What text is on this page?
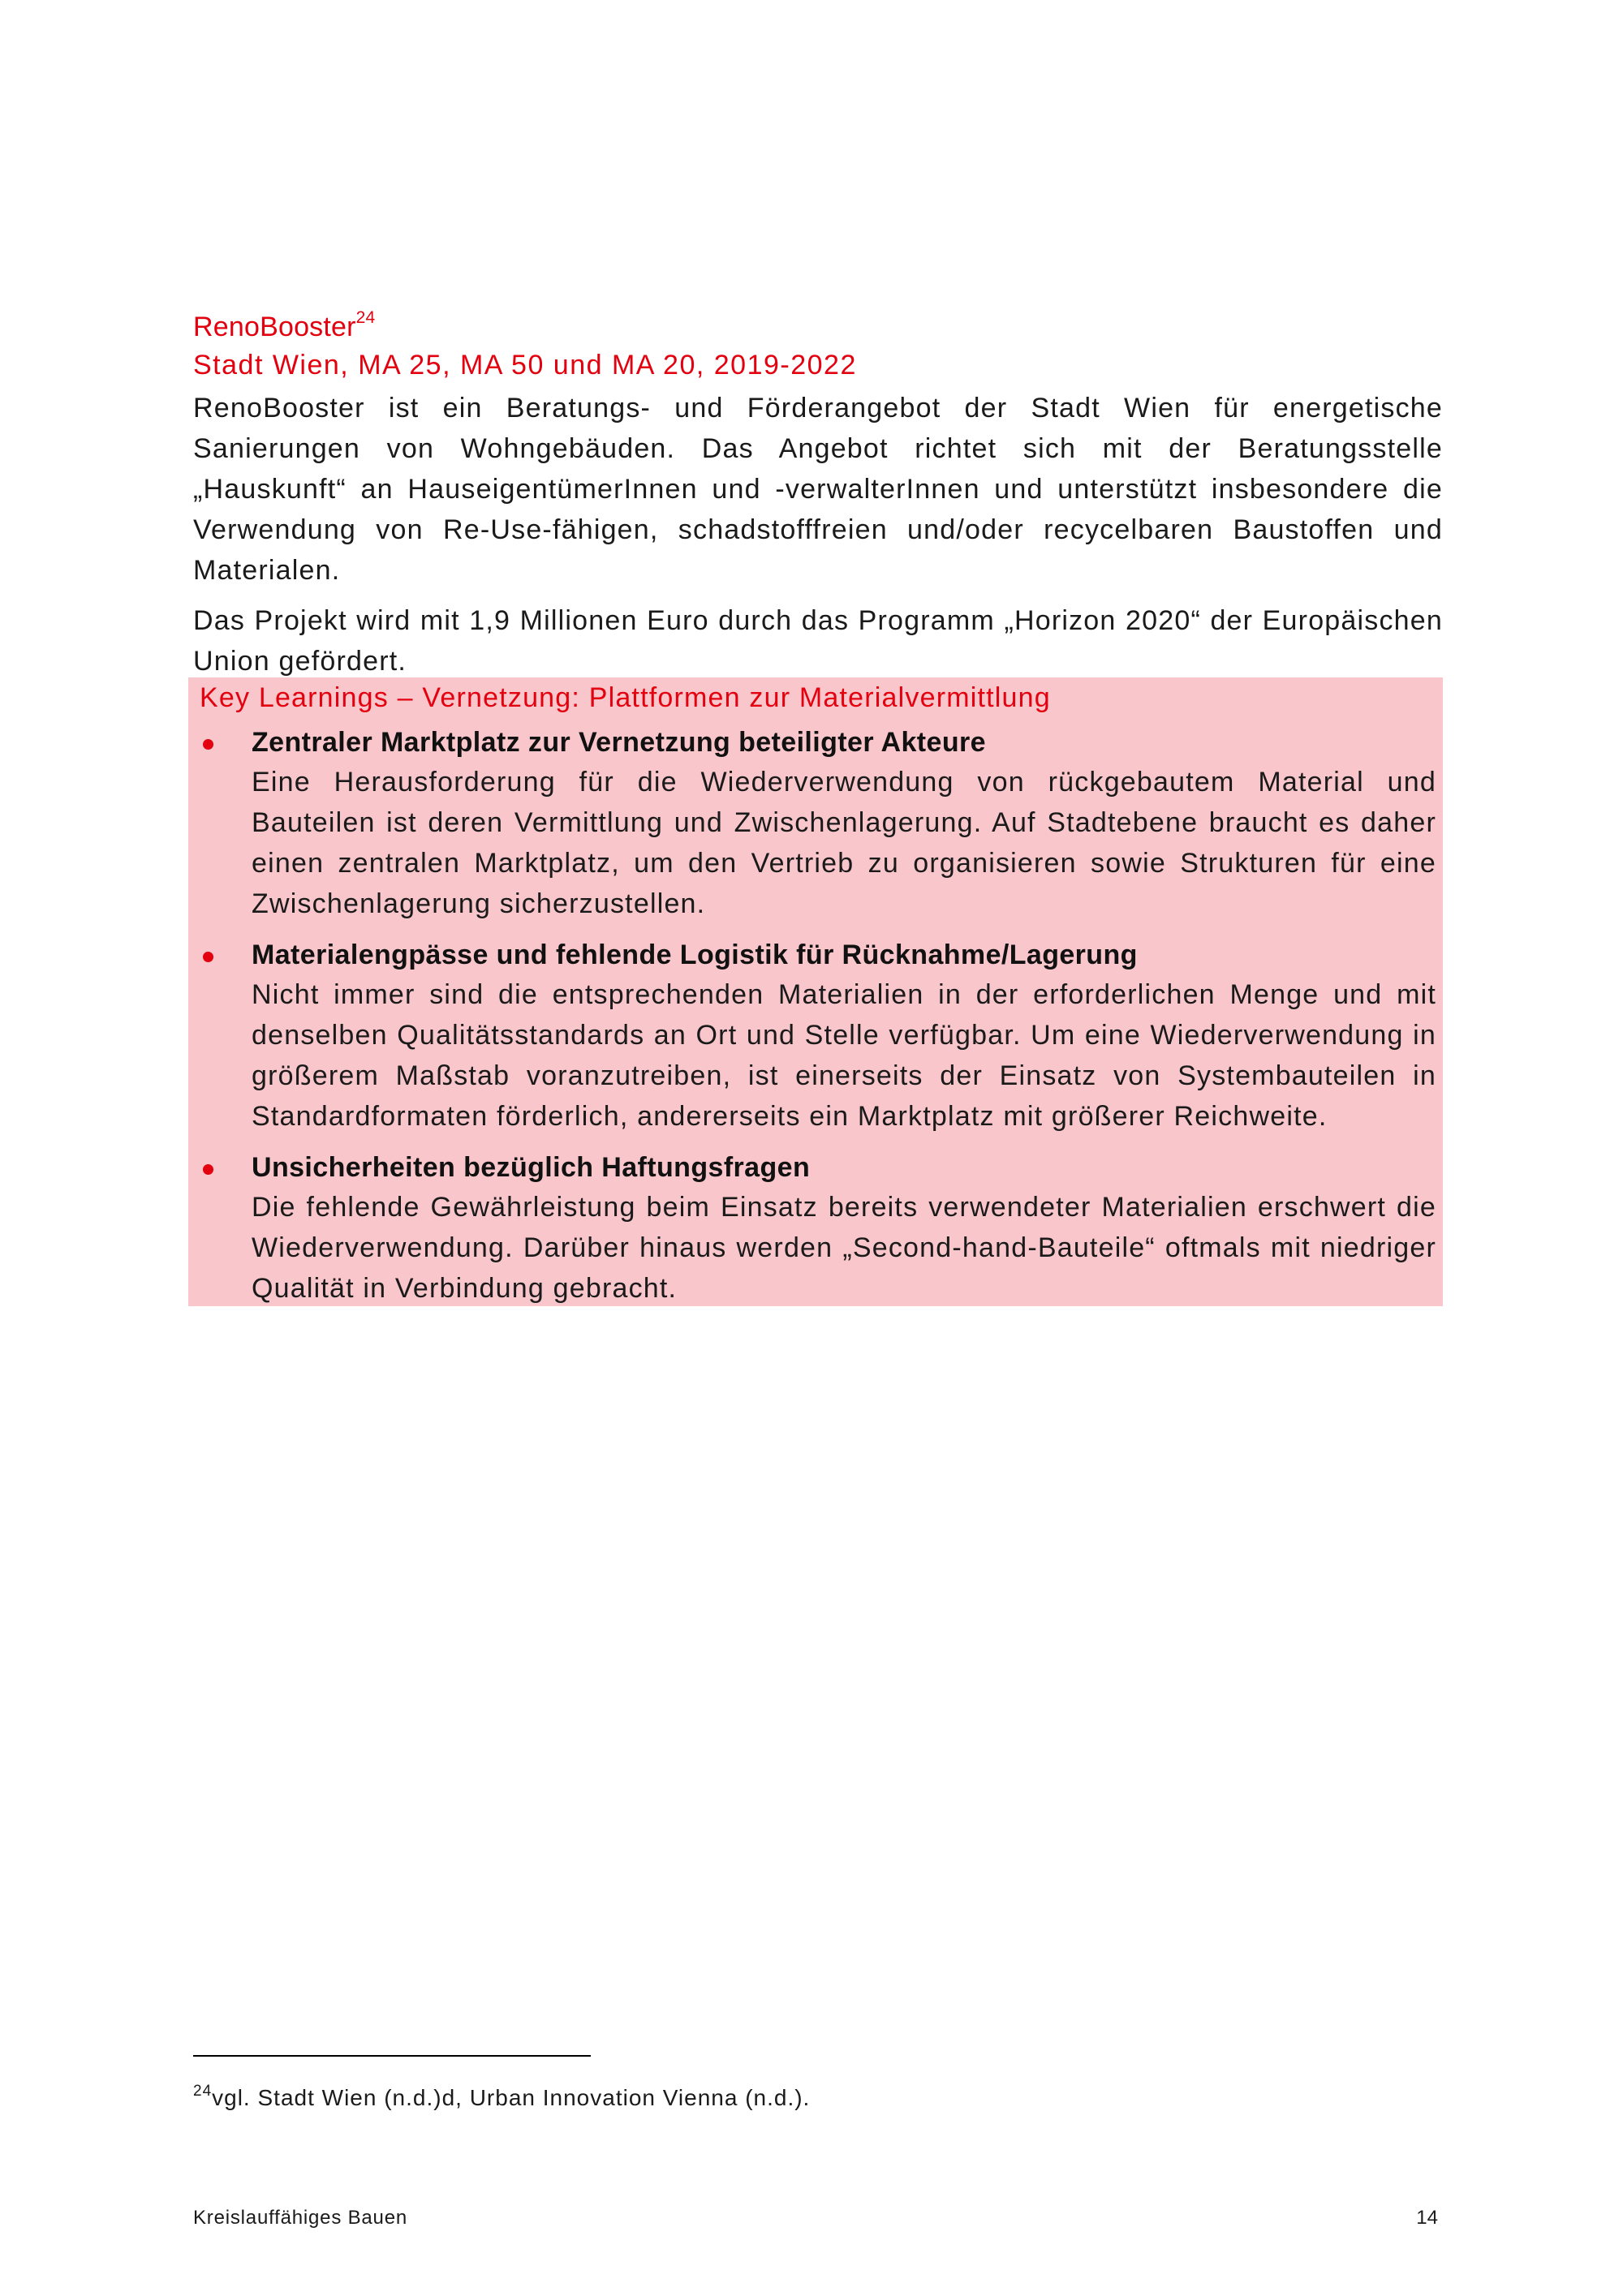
RenoBooster$^{24}$

Stadt Wien, MA 25, MA 50 und MA 20, 2019-2022

RenoBooster ist ein Beratungs- und Förderangebot der Stadt Wien für energetische Sanierungen von Wohngebäuden. Das Angebot richtet sich mit der Beratungsstelle „Hauskunft“ an HauseigentümerInnen und -verwalterInnen und unterstützt insbesondere die Verwendung von Re-Use-fähigen, schadstofffreien und/oder recycelbaren Baustoffen und Materialen.

Das Projekt wird mit 1,9 Millionen Euro durch das Programm „Horizon 2020“ der Europäischen Union gefördert.

Key Learnings – Vernetzung: Plattformen zur Materialvermittlung

Zentraler Marktplatz zur Vernetzung beteiligter Akteure

Eine Herausforderung für die Wiederverwendung von rückgebautem Material und Bauteilen ist deren Vermittlung und Zwischenlagerung. Auf Stadtebene braucht es daher einen zentralen Marktplatz, um den Vertrieb zu organisieren sowie Strukturen für eine Zwischenlagerung sicherzustellen.

Materialengpässe und fehlende Logistik für Rücknahme/Lagerung

Nicht immer sind die entsprechenden Materialien in der erforderlichen Menge und mit denselben Qualitätsstandards an Ort und Stelle verfügbar. Um eine Wiederverwendung in größerem Maßstab voranzutreiben, ist einerseits der Einsatz von Systembauteilen in Standardformaten förderlich, andererseits ein Marktplatz mit größerer Reichweite.

Unsicherheiten bezüglich Haftungsfragen

Die fehlende Gewährleistung beim Einsatz bereits verwendeter Materialien erschwert die Wiederverwendung. Darüber hinaus werden „Second-hand-Bauteile“ oftmals mit niedriger Qualität in Verbindung gebracht.

$^{24}$vgl. Stadt Wien (n.d.)d, Urban Innovation Vienna (n.d.).

Kreislauffähiges Bauen	14
